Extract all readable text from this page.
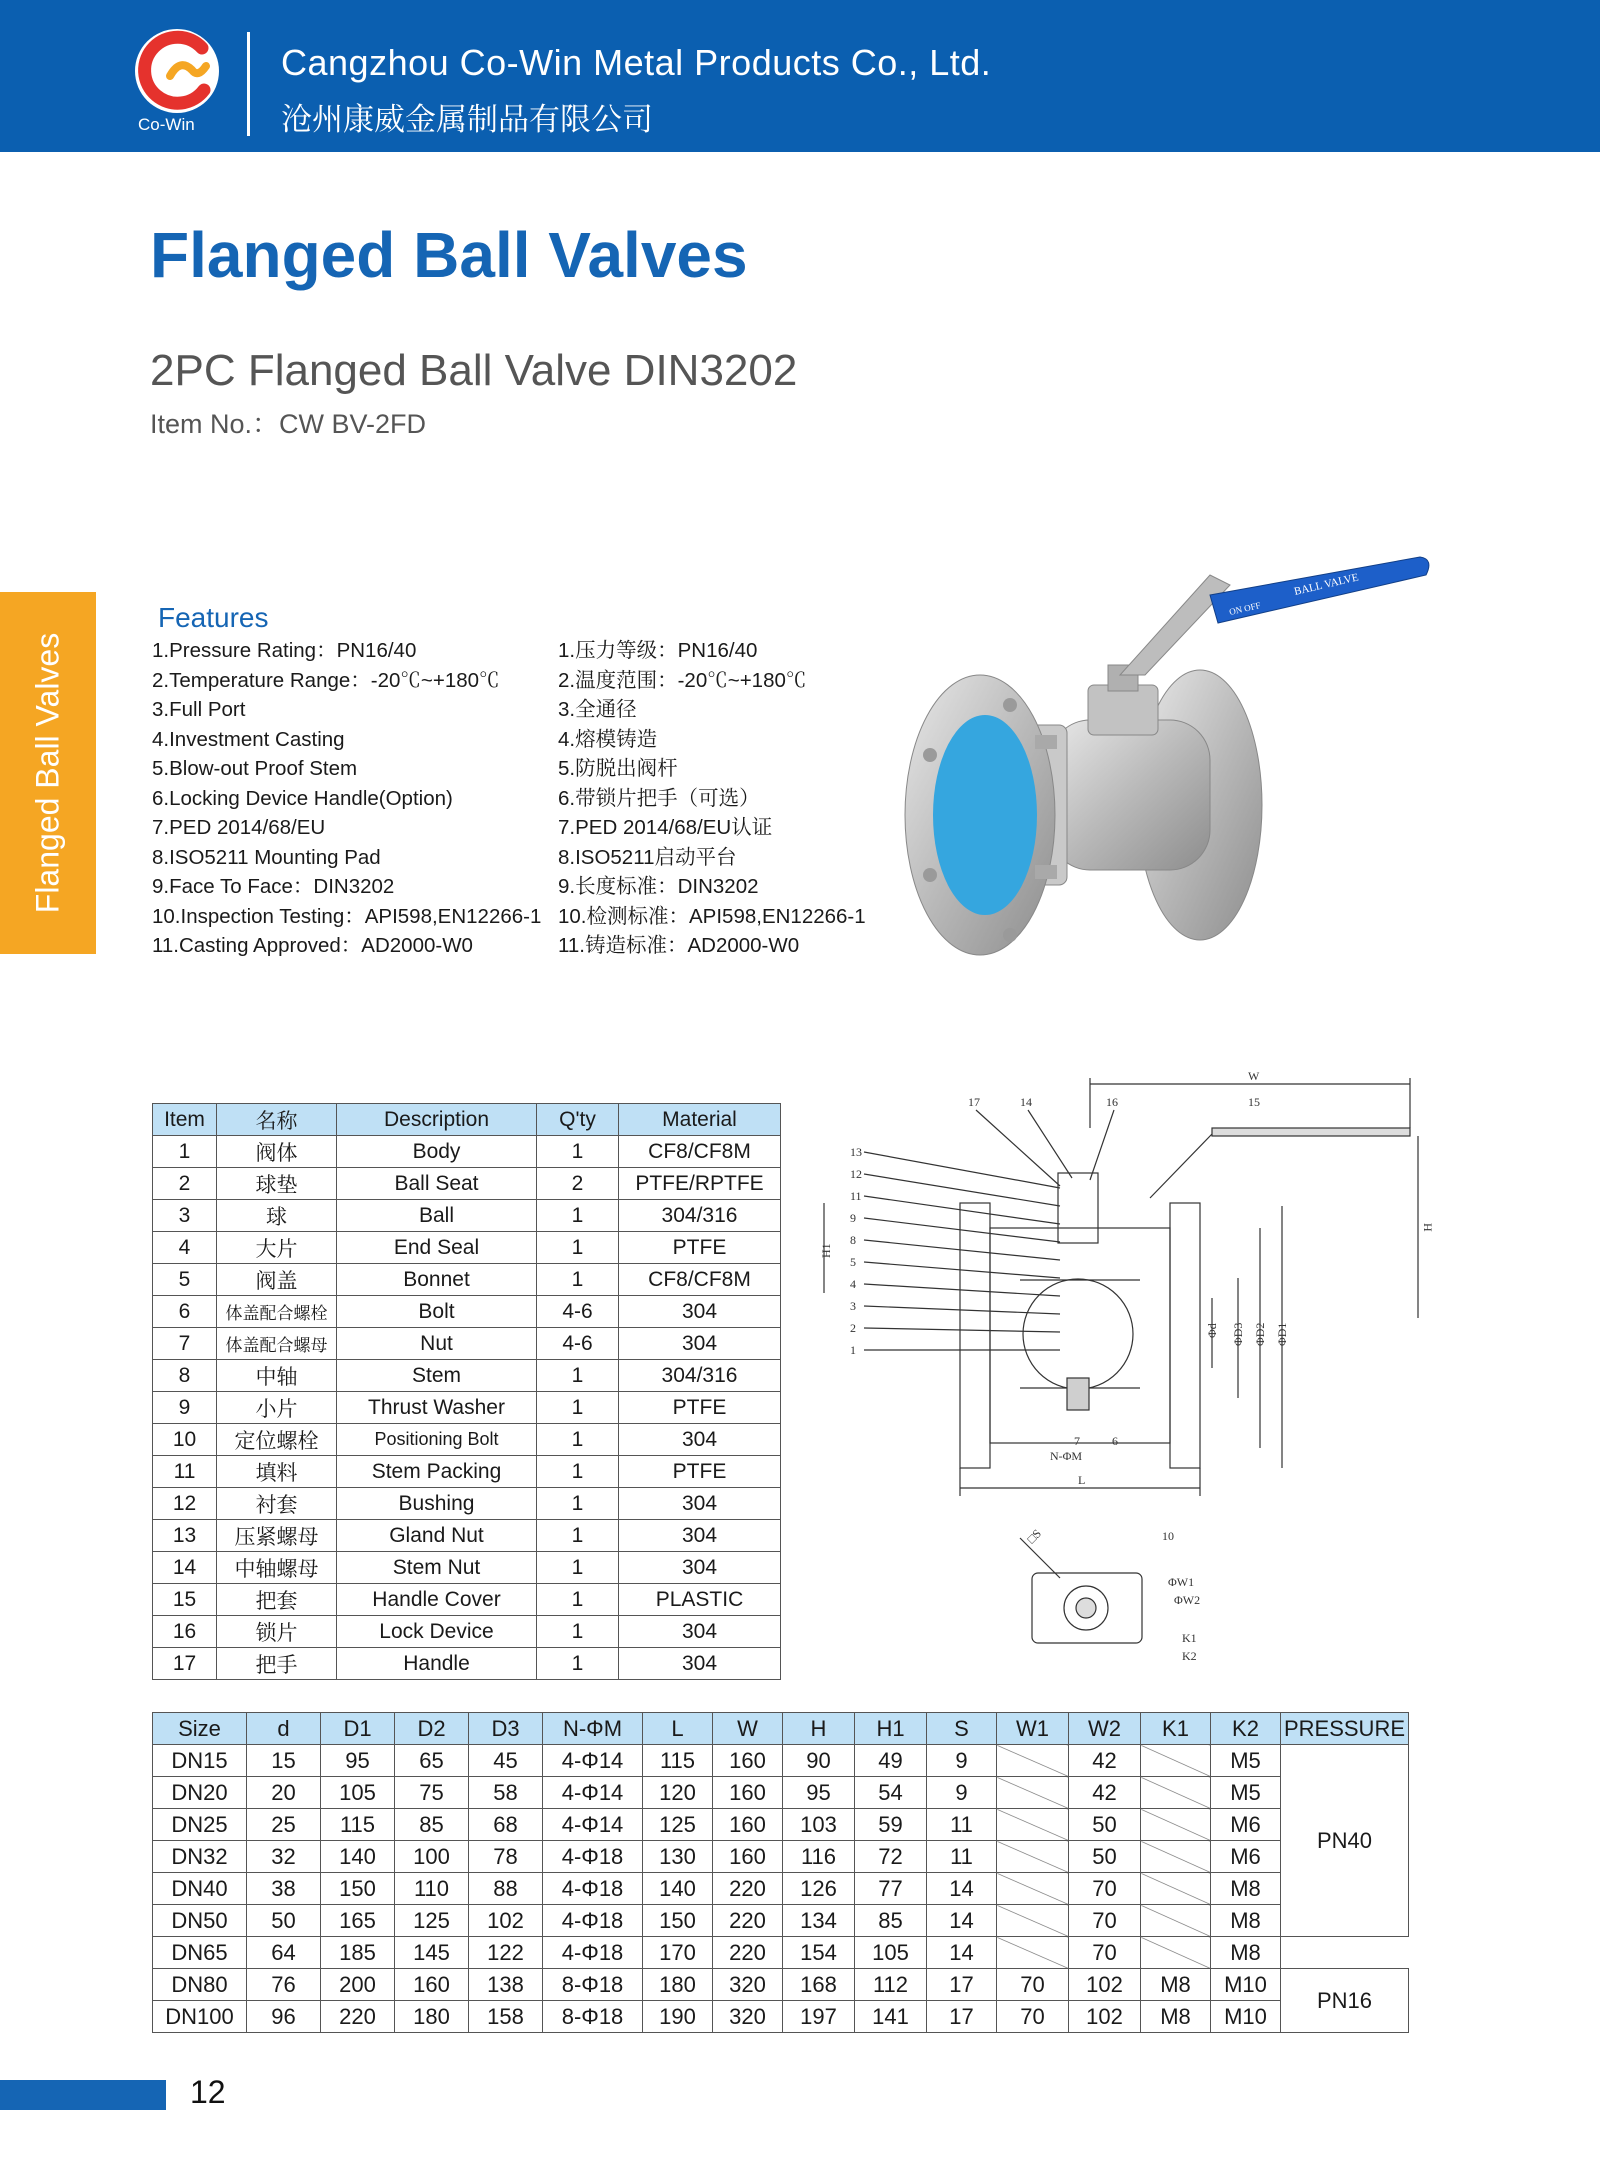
Co-Win
Cangzhou Co-Win Metal Products Co., Ltd.
沧州康威金属制品有限公司
Flanged Ball Valves
2PC Flanged Ball Valve DIN3202
Item No.：CW BV-2FD
Flanged Ball Valves
Features
1.Pressure Rating：PN16/40
2.Temperature Range：-20℃~+180℃
3.Full Port
4.Investment Casting
5.Blow-out Proof Stem
6.Locking Device Handle(Option)
7.PED 2014/68/EU
8.ISO5211 Mounting Pad
9.Face To Face：DIN3202
10.Inspection Testing：API598,EN12266-1
11.Casting Approved：AD2000-W0
1.压力等级：PN16/40
2.温度范围：-20℃~+180℃
3.全通径
4.熔模铸造
5.防脱出阀杆
6.带锁片把手（可选）
7.PED 2014/68/EU认证
8.ISO5211启动平台
9.长度标准：DIN3202
10.检测标准：API598,EN12266-1
11.铸造标准：AD2000-W0
BALL VALVE
ON OFF
Item	名称	Description	Q'ty	Material
1	阀体	Body	1	CF8/CF8M
2	球垫	Ball Seat	2	PTFE/RPTFE
3	球	Ball	1	304/316
4	大片	End Seal	1	PTFE
5	阀盖	Bonnet	1	CF8/CF8M
6	体盖配合螺栓	Bolt	4-6	304
7	体盖配合螺母	Nut	4-6	304
8	中轴	Stem	1	304/316
9	小片	Thrust Washer	1	PTFE
10	定位螺栓	Positioning Bolt	1	304
11	填料	Stem Packing	1	PTFE
12	衬套	Bushing	1	304
13	压紧螺母	Gland Nut	1	304
14	中轴螺母	Stem Nut	1	304
15	把套	Handle Cover	1	PLASTIC
16	锁片	Lock Device	1	304
17	把手	Handle	1	304
W
Φd ΦD3 ΦD2 ΦD1
H
H1
L
N-ΦM
7	6
17	14	16	15
13
12
11
9
8
5
4
3
2
1
□S	10
ΦW1
ΦW2
K1
K2
Size	d	D1	D2	D3	N-ΦM	L	W	H	H1	S	W1	W2	K1	K2	PRESSURE
DN15	15	95	65	45	4-Φ14	115	160	90	49	9		42		M5	PN40
DN20	20	105	75	58	4-Φ14	120	160	95	54	9		42		M5	
DN25	25	115	85	68	4-Φ14	125	160	103	59	11		50		M6	
DN32	32	140	100	78	4-Φ18	130	160	116	72	11		50		M6	
DN40	38	150	110	88	4-Φ18	140	220	126	77	14		70		M8	
DN50	50	165	125	102	4-Φ18	150	220	134	85	14		70		M8	
DN65	64	185	145	122	4-Φ18	170	220	154	105	14		70		M8	
DN80	76	200	160	138	8-Φ18	180	320	168	112	17	70	102	M8	M10	PN16
DN100	96	220	180	158	8-Φ18	190	320	197	141	17	70	102	M8	M10	
12
